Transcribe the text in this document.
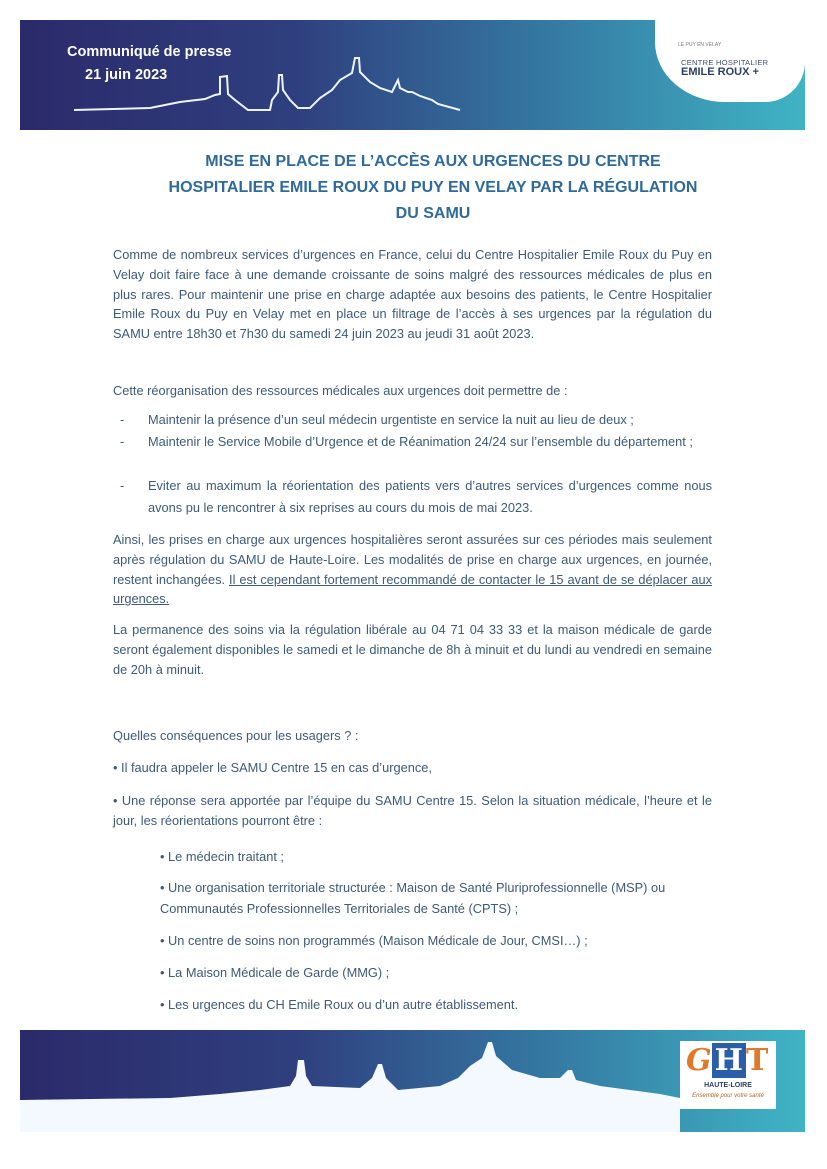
Communiqué de presse
21 juin 2023
LE PUY EN VELAY
CENTRE HOSPITALIER
EMILE ROUX +
MISE EN PLACE DE L’ACCÈS AUX URGENCES DU CENTRE
HOSPITALIER EMILE ROUX DU PUY EN VELAY PAR LA RÉGULATION
DU SAMU

Comme de nombreux services d’urgences en France, celui du Centre Hospitalier Emile Roux du Puy en Velay doit faire face à une demande croissante de soins malgré des ressources médicales de plus en plus rares. Pour maintenir une prise en charge adaptée aux besoins des patients, le Centre Hospitalier Emile Roux du Puy en Velay met en place un filtrage de l’accès à ses urgences par la régulation du SAMU entre 18h30 et 7h30 du samedi 24 juin 2023 au jeudi 31 août 2023.

Cette réorganisation des ressources médicales aux urgences doit permettre de :

- Maintenir la présence d’un seul médecin urgentiste en service la nuit au lieu de deux ;
- Maintenir le Service Mobile d’Urgence et de Réanimation 24/24 sur l’ensemble du département ;
- Eviter au maximum la réorientation des patients vers d’autres services d’urgences comme nous avons pu le rencontrer à six reprises au cours du mois de mai 2023.

Ainsi, les prises en charge aux urgences hospitalières seront assurées sur ces périodes mais seulement après régulation du SAMU de Haute-Loire. Les modalités de prise en charge aux urgences, en journée, restent inchangées. Il est cependant fortement recommandé de contacter le 15 avant de se déplacer aux urgences.

La permanence des soins via la régulation libérale au 04 71 04 33 33 et la maison médicale de garde seront également disponibles le samedi et le dimanche de 8h à minuit et du lundi au vendredi en semaine de 20h à minuit.

Quelles conséquences pour les usagers ? :

• Il faudra appeler le SAMU Centre 15 en cas d’urgence,

• Une réponse sera apportée par l’équipe du SAMU Centre 15. Selon la situation médicale, l’heure et le jour, les réorientations pourront être :

• Le médecin traitant ;
• Une organisation territoriale structurée : Maison de Santé Pluriprofessionnelle (MSP) ou Communautés Professionnelles Territoriales de Santé (CPTS) ;
• Un centre de soins non programmés (Maison Médicale de Jour, CMSI…) ;
• La Maison Médicale de Garde (MMG) ;
• Les urgences du CH Emile Roux ou d’un autre établissement.
G H T
HAUTE-LOIRE
Ensemble pour votre santé
